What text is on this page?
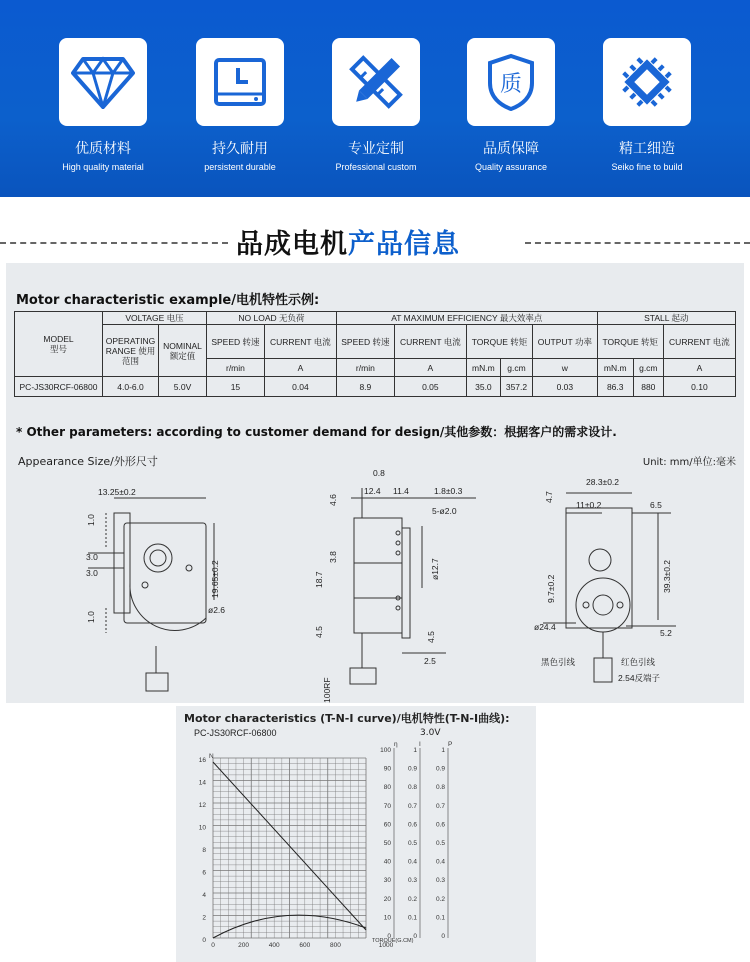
优质材料
High quality material
持久耐用
persistent durable
专业定制
Professional custom
质
品质保障
Quality assurance
精工细造
Seiko fine to build
品成电机产品信息
Motor characteristic example/电机特性示例:
MODEL
型号	VOLTAGE 电压		NO LOAD 无负荷		AT MAXIMUM EFFICIENCY 最大效率点					STALL 起动		
	OPERATING RANGE 使用范围	NOMINAL 额定值	SPEED 转速	CURRENT 电流	SPEED 转速	CURRENT 电流	TORQUE 转矩		OUTPUT 功率	TORQUE 转矩		CURRENT 电流
			r/min	A	r/min	A	mN.m	g.cm	w	mN.m	g.cm	A
PC-JS30RCF-06800	4.0-6.0	5.0V	15	0.04	8.9	0.05	35.0	357.2	0.03	86.3	880	0.10
* Other parameters: according to customer demand for design/其他参数：根据客户的需求设计.
Appearance Size/外形尺寸	Unit: mm/单位:毫米
13.25±0.2
1.0
3.0
3.0
1.0
19.65±0.2
ø2.6
0.8
4.6
12.4 11.4	1.8±0.3
5-ø2.0
3.8
18.7	ø12.7
4.5	4.5
2.5
100RF
28.3±0.2
4.7
11±0.2	6.5
9.7±0.2	39.3±0.2
ø24.4
5.2
黑色引线	红色引线
2.54反端子
Motor characteristics (T-N-I curve)/电机特性(T-N-I曲线):
PC-JS30RCF-06800	3.0V
16
14
12
10
8
6
4
2
0
0	200	400	600	800	1000
100
90
80
70
60
50
40
30
20
10
0
1
0.9
0.8
0.7
0.6
0.5
0.4
0.3
0.2
0.1
0
1
0.9
0.8
0.7
0.6
0.5
0.4
0.3
0.2
0.1
0
N
η	I	P
TORQUE(G.CM)
